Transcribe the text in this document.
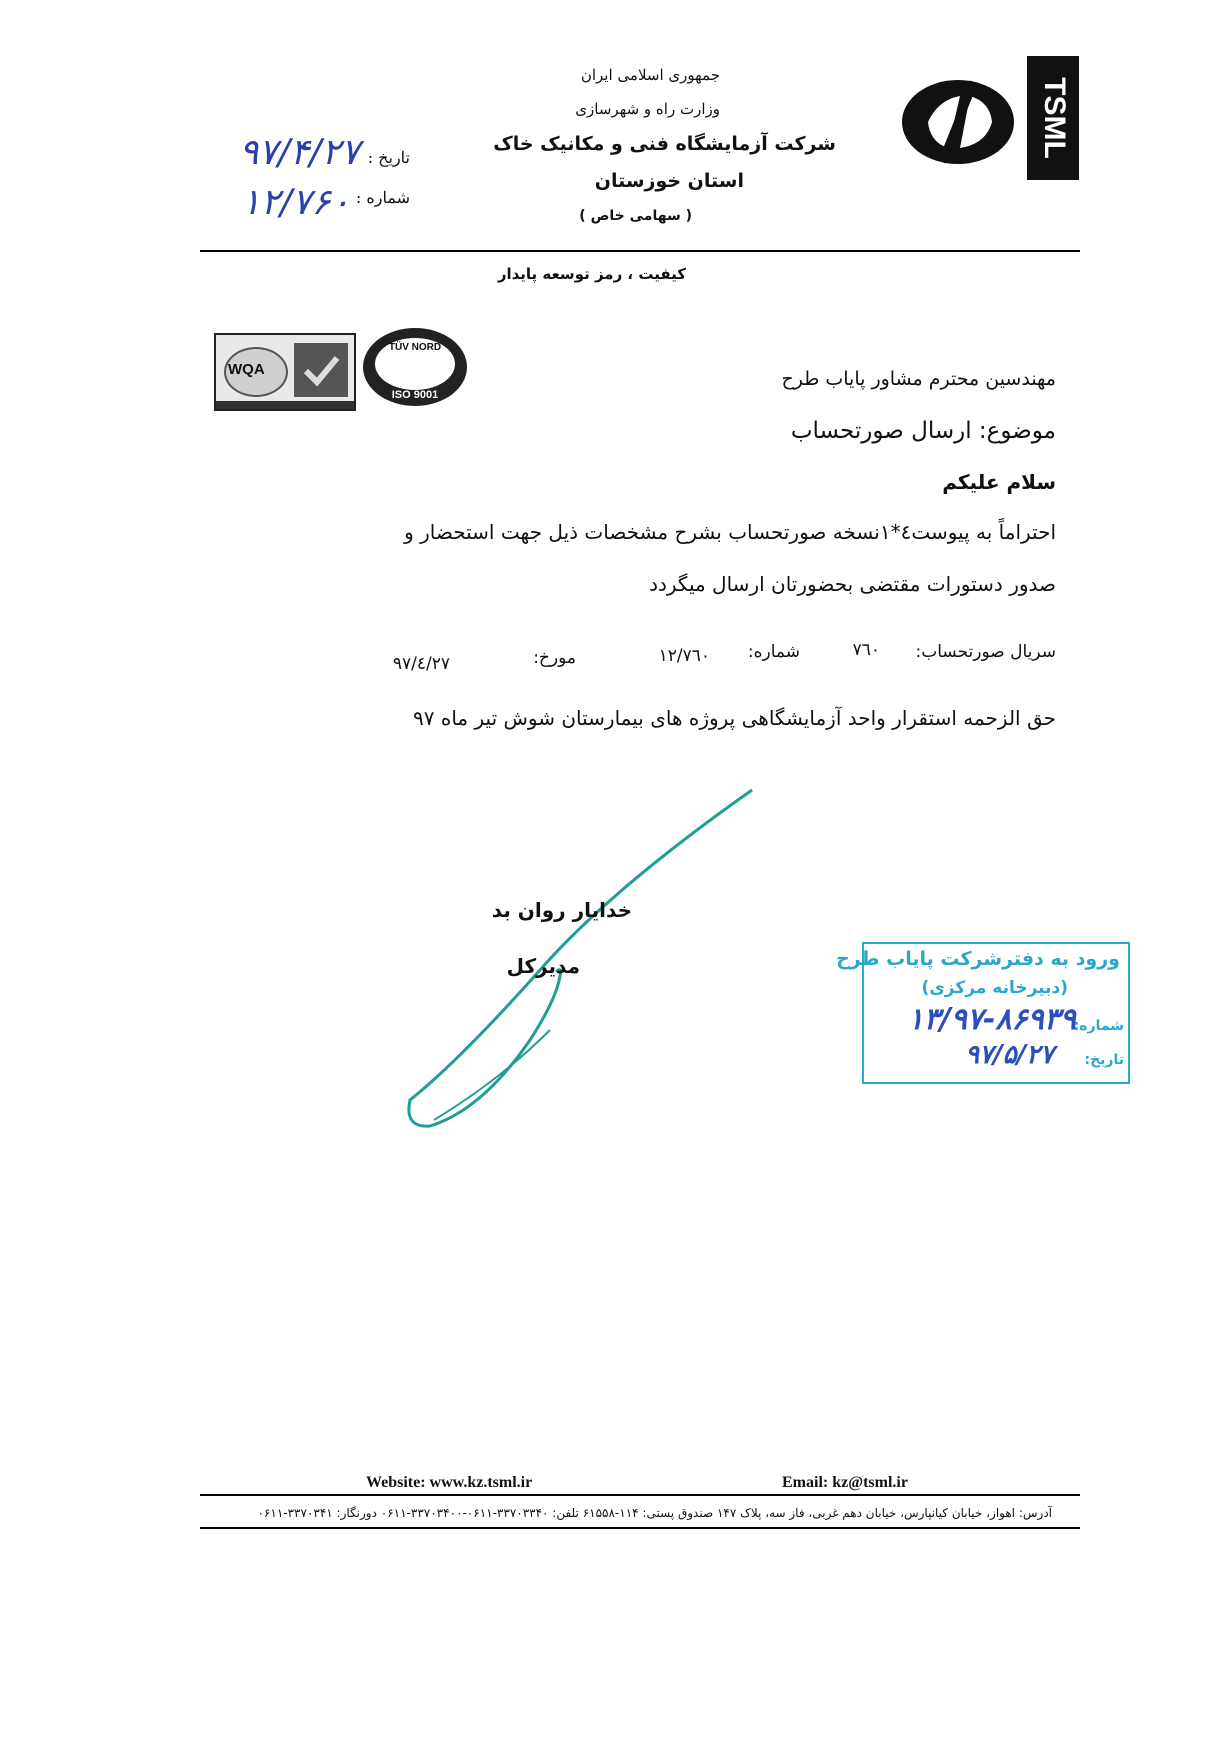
TSML
جمهوری اسلامی ایران
وزارت راه و شهرسازی
شرکت آزمایشگاه فنی و مکانیک خاک
استان خوزستان
( سهامی خاص )
تاریخ :
شماره :
۹۷/۴/۲۷
۱۲/۷۶۰
کیفیت ، رمز توسعه پایدار
WQA
TÜV NORD
ISO 9001
مهندسین محترم مشاور پایاب طرح
موضوع: ارسال صورتحساب
سلام علیکم
احتراماً به پیوست٤*١نسخه صورتحساب بشرح مشخصات ذیل جهت استحضار و
صدور دستورات مقتضی بحضورتان ارسال میگردد
سریال صورتحساب:
٧٦٠
شماره:
١٢/٧٦٠
مورخ:
٩٧/٤/٢٧
حق الزحمه استقرار واحد آزمایشگاهی پروژه های بیمارستان شوش تیر ماه ٩٧
خدایار روان بد
مدیرکل	ورود به دفترشرکت پایاب طرح
(دبیرخانه مرکزی)
شماره:
۱۳/۹۷-۸۶۹۳۹
تاریخ:
۹۷/۵/۲۷
Website: www.kz.tsml.ir	Email: kz@tsml.ir
آدرس: اهواز، خیابان کیانپارس، خیابان دهم غربی، فاز سه، پلاک ۱۴۷ صندوق پستی: ۱۱۴-۶۱۵۵۸ تلفن: ۳۳۷۰۳۳۴۰-۰۶۱۱-۳۳۷۰۳۴۰۰-۰۶۱۱ دورنگار: ۳۳۷۰۳۴۱-۰۶۱۱
